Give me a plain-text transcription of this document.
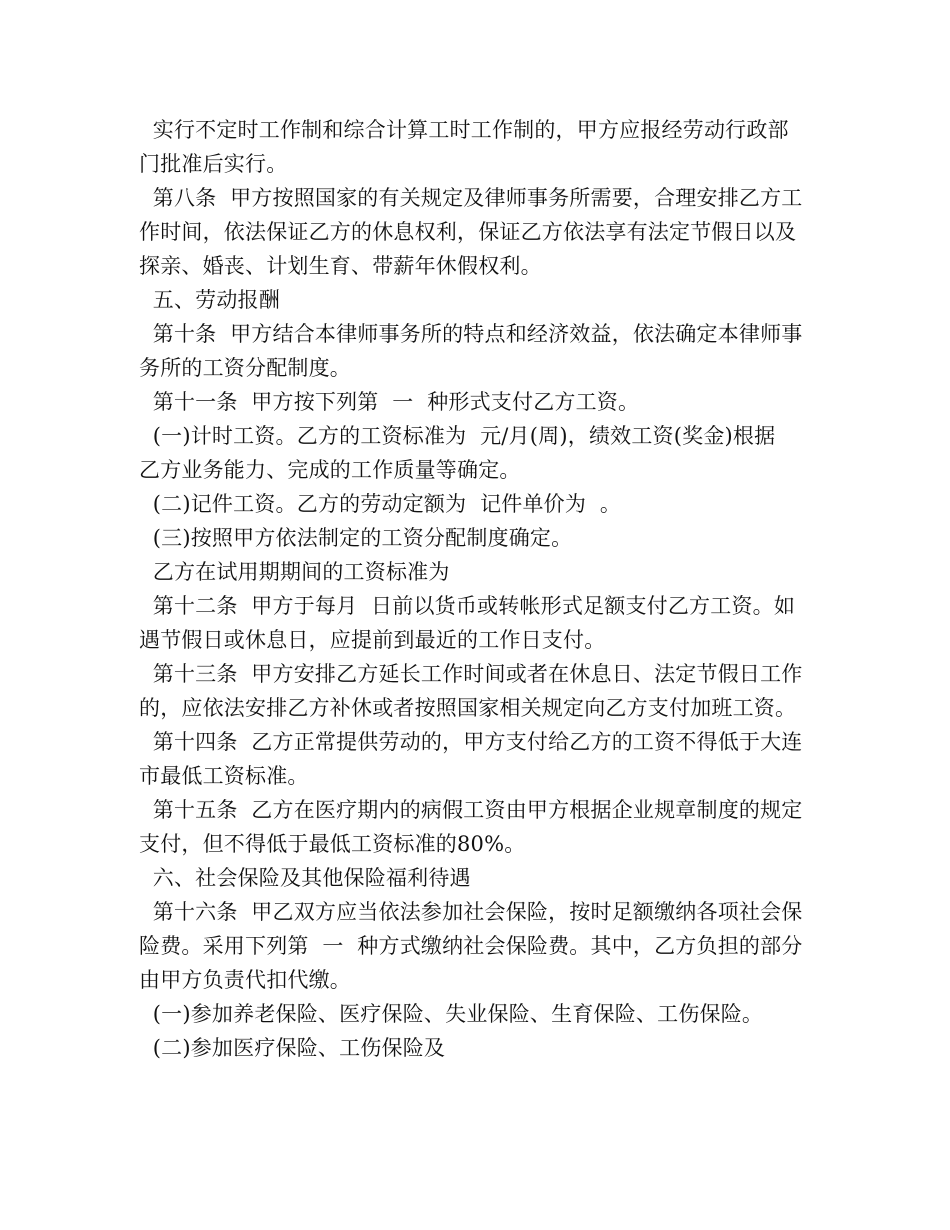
实行不定时工作制和综合计算工时工作制的，甲方应报经劳动行政部
门批准后实行。
第八条  甲方按照国家的有关规定及律师事务所需要，合理安排乙方工
作时间，依法保证乙方的休息权利，保证乙方依法享有法定节假日以及
探亲、婚丧、计划生育、带薪年休假权利。
五、劳动报酬
第十条  甲方结合本律师事务所的特点和经济效益，依法确定本律师事
务所的工资分配制度。
第十一条  甲方按下列第  一  种形式支付乙方工资。
(一)计时工资。乙方的工资标准为  元/月(周)，绩效工资(奖金)根据
乙方业务能力、完成的工作质量等确定。
(二)记件工资。乙方的劳动定额为  记件单价为  。
(三)按照甲方依法制定的工资分配制度确定。
乙方在试用期期间的工资标准为
第十二条  甲方于每月  日前以货币或转帐形式足额支付乙方工资。如
遇节假日或休息日，应提前到最近的工作日支付。
第十三条  甲方安排乙方延长工作时间或者在休息日、法定节假日工作
的，应依法安排乙方补休或者按照国家相关规定向乙方支付加班工资。
第十四条  乙方正常提供劳动的，甲方支付给乙方的工资不得低于大连
市最低工资标准。
第十五条  乙方在医疗期内的病假工资由甲方根据企业规章制度的规定
支付，但不得低于最低工资标准的80%。
六、社会保险及其他保险福利待遇
第十六条  甲乙双方应当依法参加社会保险，按时足额缴纳各项社会保
险费。采用下列第  一  种方式缴纳社会保险费。其中，乙方负担的部分
由甲方负责代扣代缴。
(一)参加养老保险、医疗保险、失业保险、生育保险、工伤保险。
(二)参加医疗保险、工伤保险及
